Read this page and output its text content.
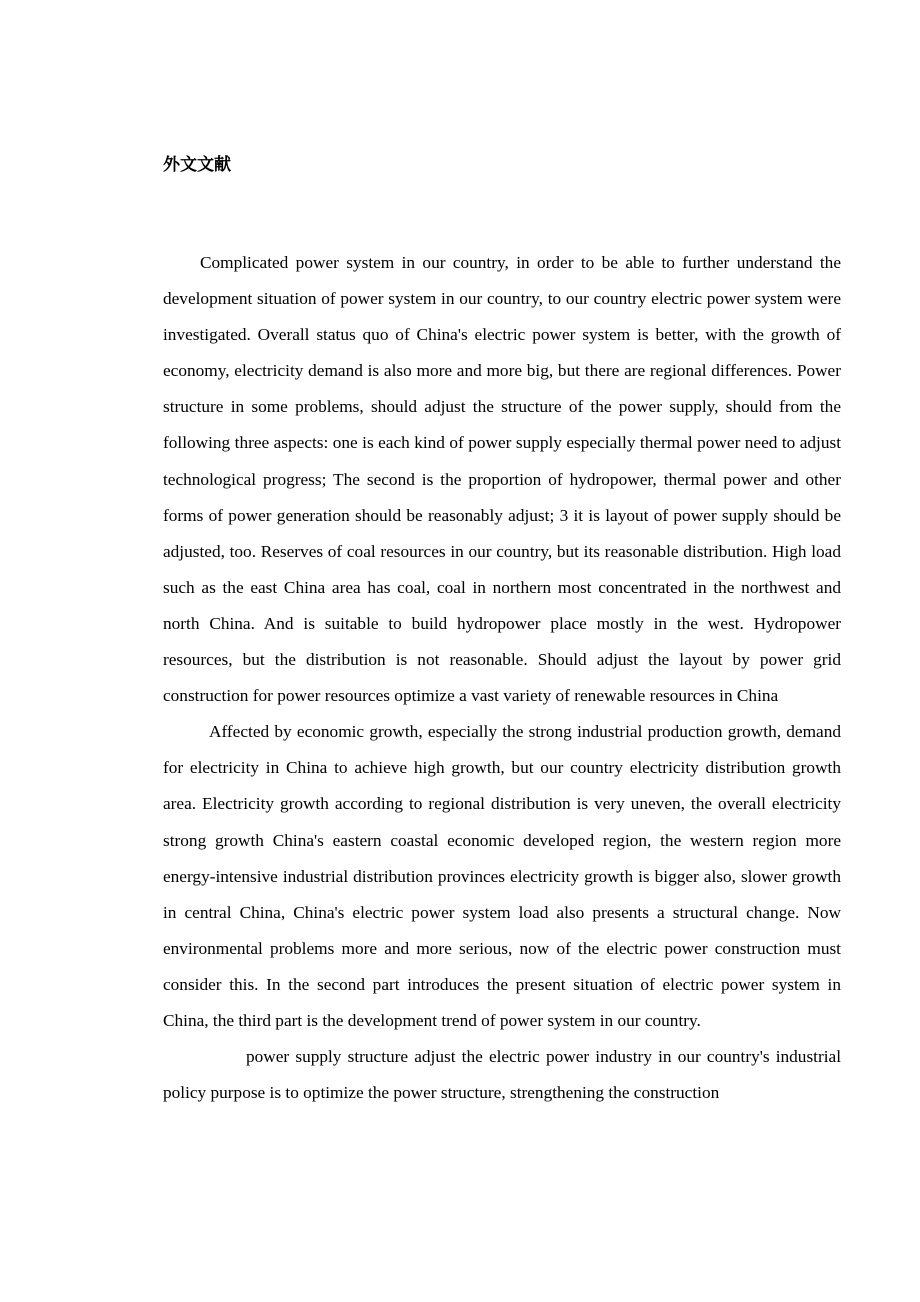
外文文献

Complicated power system in our country, in order to be able to further understand the development situation of power system in our country, to our country electric power system were investigated. Overall status quo of China's electric power system is better, with the growth of economy, electricity demand is also more and more big, but there are regional differences. Power structure in some problems, should adjust the structure of the power supply, should from the following three aspects: one is each kind of power supply especially thermal power need to adjust technological progress; The second is the proportion of hydropower, thermal power and other forms of power generation should be reasonably adjust; 3 it is layout of power supply should be adjusted, too. Reserves of coal resources in our country, but its reasonable distribution. High load such as the east China area has coal, coal in northern most concentrated in the northwest and north China. And is suitable to build hydropower place mostly in the west. Hydropower resources, but the distribution is not reasonable. Should adjust the layout by power grid construction for power resources optimize a vast variety of renewable resources in China

Affected by economic growth, especially the strong industrial production growth, demand for electricity in China to achieve high growth, but our country electricity distribution growth area. Electricity growth according to regional distribution is very uneven, the overall electricity strong growth China's eastern coastal economic developed region, the western region more energy-intensive industrial distribution provinces electricity growth is bigger also, slower growth in central China, China's electric power system load also presents a structural change. Now environmental problems more and more serious, now of the electric power construction must consider this. In the second part introduces the present situation of electric power system in China, the third part is the development trend of power system in our country.

power supply structure adjust the electric power industry in our country's industrial policy purpose is to optimize the power structure, strengthening the construction
